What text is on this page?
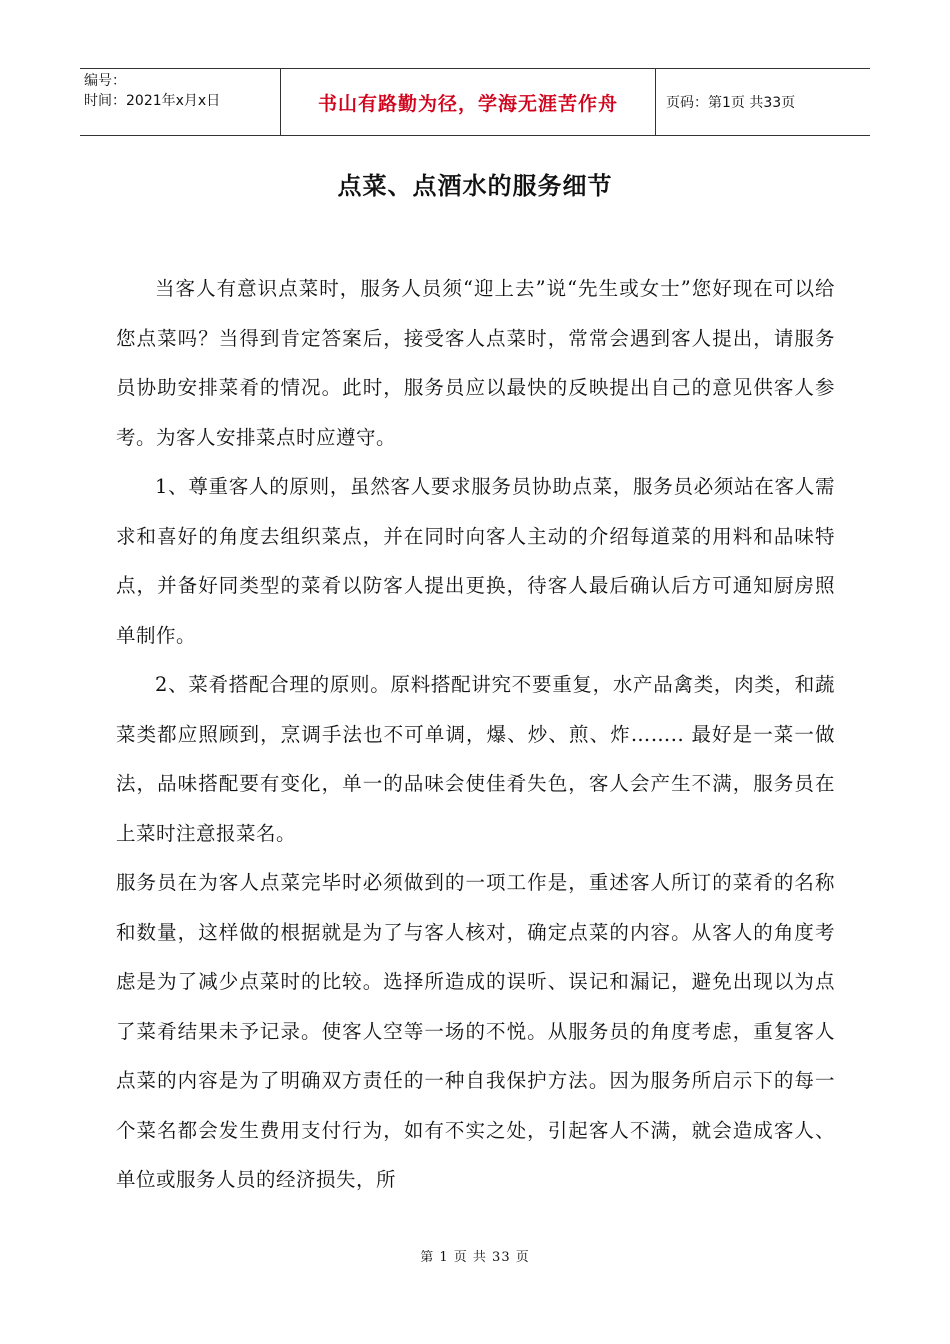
编号：
时间：2021年x月x日	书山有路勤为径，学海无涯苦作舟	页码：第1页 共33页
点菜、点酒水的服务细节

当客人有意识点菜时，服务人员须“迎上去”说“先生或女士”您好现在可以给您点菜吗？当得到肯定答案后，接受客人点菜时，常常会遇到客人提出，请服务员协助安排菜肴的情况。此时，服务员应以最快的反映提出自己的意见供客人参考。为客人安排菜点时应遵守。

1、尊重客人的原则，虽然客人要求服务员协助点菜，服务员必须站在客人需求和喜好的角度去组织菜点，并在同时向客人主动的介绍每道菜的用料和品味特点，并备好同类型的菜肴以防客人提出更换，待客人最后确认后方可通知厨房照单制作。

2、菜肴搭配合理的原则。原料搭配讲究不要重复，水产品禽类，肉类，和蔬菜类都应照顾到，烹调手法也不可单调，爆、炒、煎、炸…….. 最好是一菜一做法，品味搭配要有变化，单一的品味会使佳肴失色，客人会产生不满，服务员在上菜时注意报菜名。

服务员在为客人点菜完毕时必须做到的一项工作是，重述客人所订的菜肴的名称和数量，这样做的根据就是为了与客人核对，确定点菜的内容。从客人的角度考虑是为了减少点菜时的比较。选择所造成的误听、误记和漏记，避免出现以为点了菜肴结果未予记录。使客人空等一场的不悦。从服务员的角度考虑，重复客人点菜的内容是为了明确双方责任的一种自我保护方法。因为服务所启示下的每一个菜名都会发生费用支付行为，如有不实之处，引起客人不满，就会造成客人、单位或服务人员的经济损失，所

第 1 页 共 33 页
